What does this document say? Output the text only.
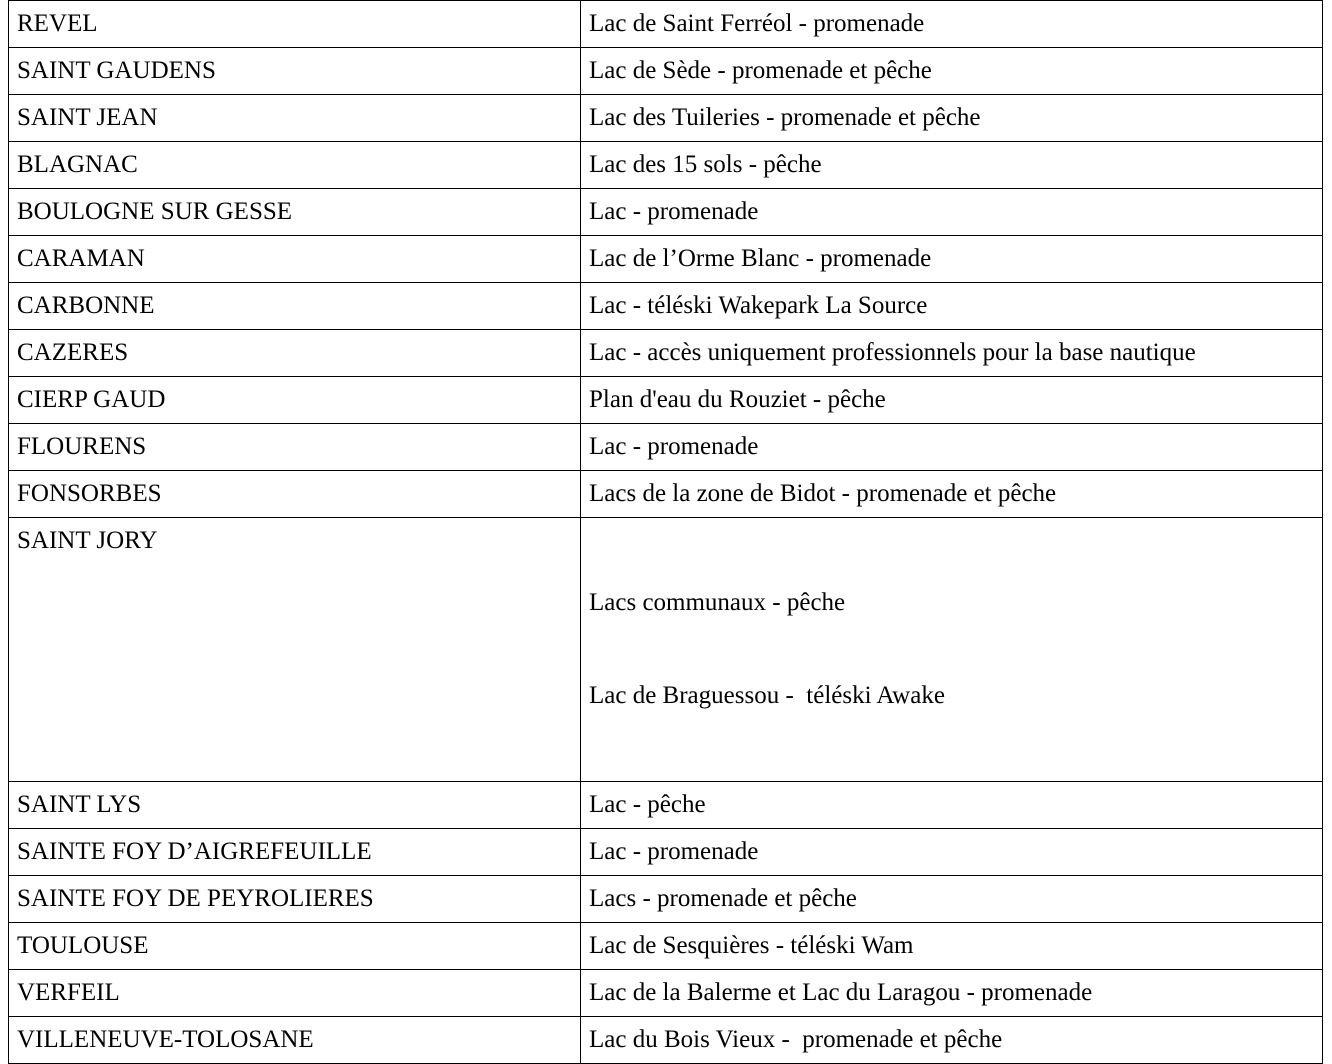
REVEL	Lac de Saint Ferréol - promenade

SAINT GAUDENS	Lac de Sède - promenade et pêche

SAINT JEAN	Lac des Tuileries - promenade et pêche

BLAGNAC	Lac des 15 sols - pêche

BOULOGNE SUR GESSE	Lac - promenade

CARAMAN	Lac de l’Orme Blanc - promenade

CARBONNE	Lac - téléski Wakepark La Source

CAZERES	Lac - accès uniquement professionnels pour la base nautique

CIERP GAUD	Plan d'eau du Rouziet - pêche

FLOURENS	Lac - promenade

FONSORBES	Lacs de la zone de Bidot - promenade et pêche

SAINT JORY	Lacs communaux - pêche

Lac de Braguessou -  téléski Awake

SAINT LYS	Lac - pêche

SAINTE FOY D’AIGREFEUILLE	Lac - promenade

SAINTE FOY DE PEYROLIERES	Lacs - promenade et pêche

TOULOUSE	Lac de Sesquières - téléski Wam

VERFEIL	Lac de la Balerme et Lac du Laragou - promenade

VILLENEUVE-TOLOSANE	Lac du Bois Vieux -  promenade et pêche
